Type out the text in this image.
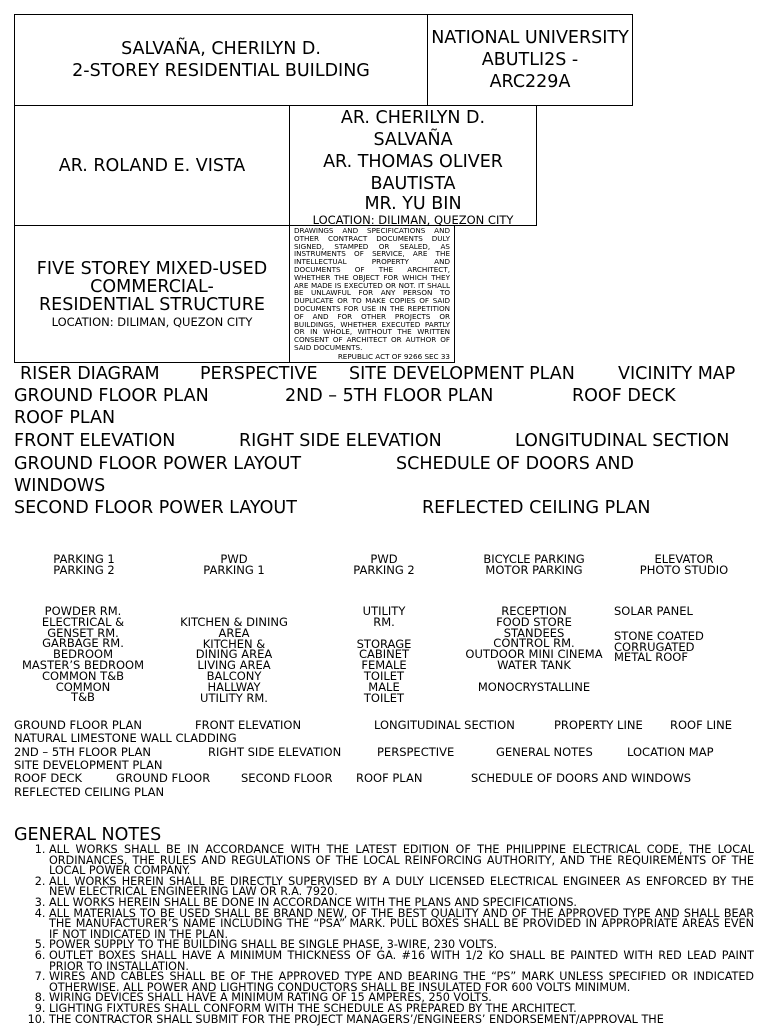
SALVAÑA, CHERILYN D.
2-STOREY RESIDENTIAL BUILDING
NATIONAL UNIVERSITY
ABUTLI2S -
ARC229A
AR. ROLAND E. VISTA
AR. CHERILYN D.
SALVAÑA
AR. THOMAS OLIVER
BAUTISTA
MR. YU BIN
LOCATION: DILIMAN, QUEZON CITY
FIVE STOREY MIXED-USED
COMMERCIAL-
RESIDENTIAL STRUCTURE
LOCATION: DILIMAN, QUEZON CITY
DRAWINGS AND SPECIFICATIONS AND OTHER CONTRACT DOCUMENTS DULY SIGNED, STAMPED OR SEALED, AS INSTRUMENTS OF SERVICE, ARE THE INTELLECTUAL PROPERTY AND DOCUMENTS OF THE ARCHITECT, WHETHER THE OBJECT FOR WHICH THEY ARE MADE IS EXECUTED OR NOT. IT SHALL BE UNLAWFUL FOR ANY PERSON TO DUPLICATE OR TO MAKE COPIES OF SAID DOCUMENTS FOR USE IN THE REPETITION OF AND FOR OTHER PROJECTS OR BUILDINGS, WHETHER EXECUTED PARTLY OR IN WHOLE, WITHOUT THE WRITTEN CONSENT OF ARCHITECT OR AUTHOR OF SAID DOCUMENTS.
REPUBLIC ACT OF 9266 SEC 33
RISER DIAGRAM PERSPECTIVE SITE DEVELOPMENT PLAN VICINITY MAP
GROUND FLOOR PLAN	2ND – 5TH FLOOR PLAN	ROOF DECK
ROOF PLAN
FRONT ELEVATION	RIGHT SIDE ELEVATION	LONGITUDINAL SECTION
GROUND FLOOR POWER LAYOUT	SCHEDULE OF DOORS AND
WINDOWS
SECOND FLOOR POWER LAYOUT	REFLECTED CEILING PLAN
PARKING 1
PARKING 2
PWD
PARKING 1
PWD
PARKING 2
BICYCLE PARKING
MOTOR PARKING
ELEVATOR
PHOTO STUDIO
POWDER RM.
ELECTRICAL &
GENSET RM.
GARBAGE RM.
BEDROOM
MASTER’S BEDROOM
COMMON T&B
COMMON
T&B
KITCHEN & DINING
AREA
KITCHEN &
DINING AREA
LIVING AREA
BALCONY
HALLWAY
UTILITY RM.
UTILITY
RM.
STORAGE
CABINET
FEMALE
TOILET
MALE
TOILET
RECEPTION
FOOD STORE
STANDEES
CONTROL RM.
OUTDOOR MINI CINEMA
WATER TANK
MONOCRYSTALLINE
SOLAR PANEL
STONE COATED
CORRUGATED
METAL ROOF
GROUND FLOOR PLAN	FRONT ELEVATION	LONGITUDINAL SECTION	PROPERTY LINE ROOF LINE
NATURAL LIMESTONE WALL CLADDING
2ND – 5TH FLOOR PLAN	RIGHT SIDE ELEVATION	PERSPECTIVE	GENERAL NOTES	LOCATION MAP
SITE DEVELOPMENT PLAN
ROOF DECK	GROUND FLOOR	SECOND FLOOR ROOF PLAN	SCHEDULE OF DOORS AND WINDOWS
REFLECTED CEILING PLAN
GENERAL NOTES
1. ALL WORKS SHALL BE IN ACCORDANCE WITH THE LATEST EDITION OF THE PHILIPPINE ELECTRICAL CODE, THE LOCAL ORDINANCES, THE RULES AND REGULATIONS OF THE LOCAL REINFORCING AUTHORITY, AND THE REQUIREMENTS OF THE LOCAL POWER COMPANY.
2. ALL WORKS HEREIN SHALL BE DIRECTLY SUPERVISED BY A DULY LICENSED ELECTRICAL ENGINEER AS ENFORCED BY THE NEW ELECTRICAL ENGINEERING LAW OR R.A. 7920.
3. ALL WORKS HEREIN SHALL BE DONE IN ACCORDANCE WITH THE PLANS AND SPECIFICATIONS.
4. ALL MATERIALS TO BE USED SHALL BE BRAND NEW, OF THE BEST QUALITY AND OF THE APPROVED TYPE AND SHALL BEAR THE MANUFACTURER’S NAME INCLUDING THE “PSA” MARK. PULL BOXES SHALL BE PROVIDED IN APPROPRIATE AREAS EVEN IF NOT INDICATED IN THE PLAN.
5. POWER SUPPLY TO THE BUILDING SHALL BE SINGLE PHASE, 3-WIRE, 230 VOLTS.
6. OUTLET BOXES SHALL HAVE A MINIMUM THICKNESS OF GA. #16 WITH 1/2 KO SHALL BE PAINTED WITH RED LEAD PAINT PRIOR TO INSTALLATION.
7. WIRES AND CABLES SHALL BE OF THE APPROVED TYPE AND BEARING THE “PS” MARK UNLESS SPECIFIED OR INDICATED OTHERWISE. ALL POWER AND LIGHTING CONDUCTORS SHALL BE INSULATED FOR 600 VOLTS MINIMUM.
8. WIRING DEVICES SHALL HAVE A MINIMUM RATING OF 15 AMPERES, 250 VOLTS.
9. LIGHTING FIXTURES SHALL CONFORM WITH THE SCHEDULE AS PREPARED BY THE ARCHITECT.
10. THE CONTRACTOR SHALL SUBMIT FOR THE PROJECT MANAGERS’/ENGINEERS’ ENDORSEMENT/APPROVAL THE
